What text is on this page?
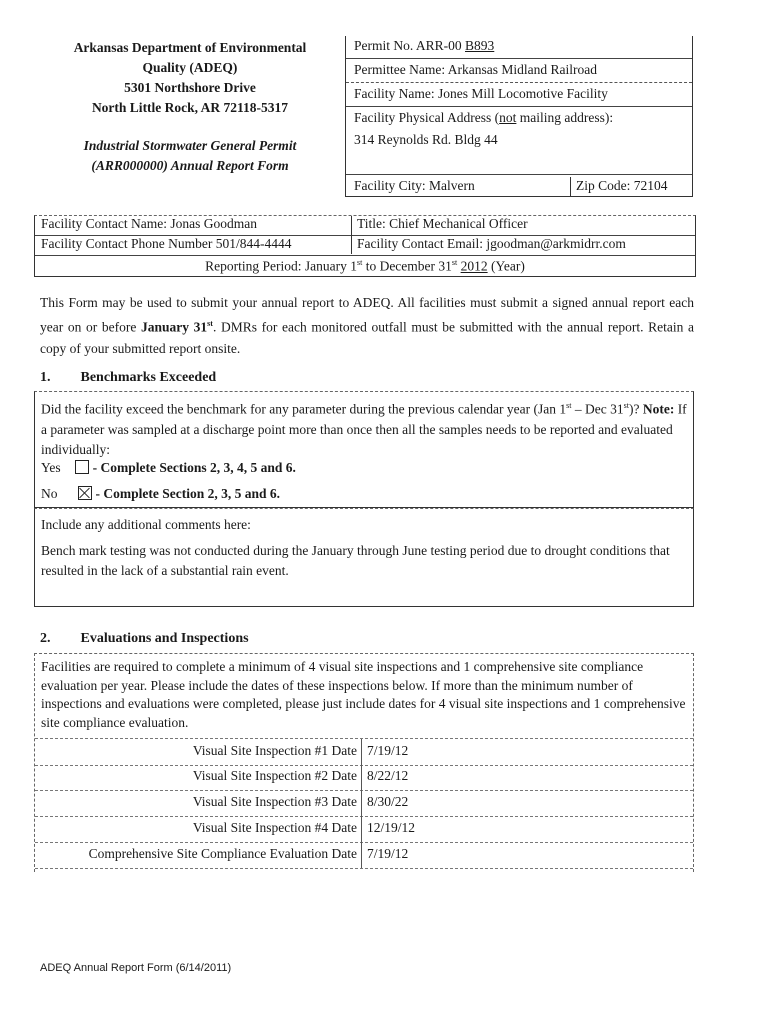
Arkansas Department of Environmental
Quality (ADEQ)
5301 Northshore Drive
North Little Rock, AR 72118-5317
Industrial Stormwater General Permit
(ARR000000) Annual Report Form
Permit No. ARR-00 B893
Permittee Name: Arkansas Midland Railroad
Facility Name: Jones Mill Locomotive Facility
Facility Physical Address (not mailing address):
314 Reynolds Rd. Bldg 44
Facility City: Malvern	Zip Code: 72104
Facility Contact Name: Jonas Goodman	Title: Chief Mechanical Officer
Facility Contact Phone Number 501/844-4444	Facility Contact Email: jgoodman@arkmidrr.com
Reporting Period: January 1st to December 31st 2012 (Year)
This Form may be used to submit your annual report to ADEQ. All facilities must submit a signed annual report each year on or before January 31st. DMRs for each monitored outfall must be submitted with the annual report. Retain a copy of your submitted report onsite.
1. Benchmarks Exceeded
Did the facility exceed the benchmark for any parameter during the previous calendar year (Jan 1st – Dec 31st)? Note: If a parameter was sampled at a discharge point more than once then all the samples needs to be reported and evaluated individually:
Yes - Complete Sections 2, 3, 4, 5 and 6.
No	- Complete Section 2, 3, 5 and 6.
Include any additional comments here:
Bench mark testing was not conducted during the January through June testing period due to drought conditions that resulted in the lack of a substantial rain event.
2. Evaluations and Inspections
Facilities are required to complete a minimum of 4 visual site inspections and 1 comprehensive site compliance evaluation per year. Please include the dates of these inspections below. If more than the minimum number of inspections and evaluations were completed, please just include dates for 4 visual site inspections and 1 comprehensive site compliance evaluation.
Visual Site Inspection #1 Date 7/19/12
Visual Site Inspection #2 Date 8/22/12
Visual Site Inspection #3 Date 8/30/22
Visual Site Inspection #4 Date 12/19/12
Comprehensive Site Compliance Evaluation Date 7/19/12
ADEQ Annual Report Form (6/14/2011)
